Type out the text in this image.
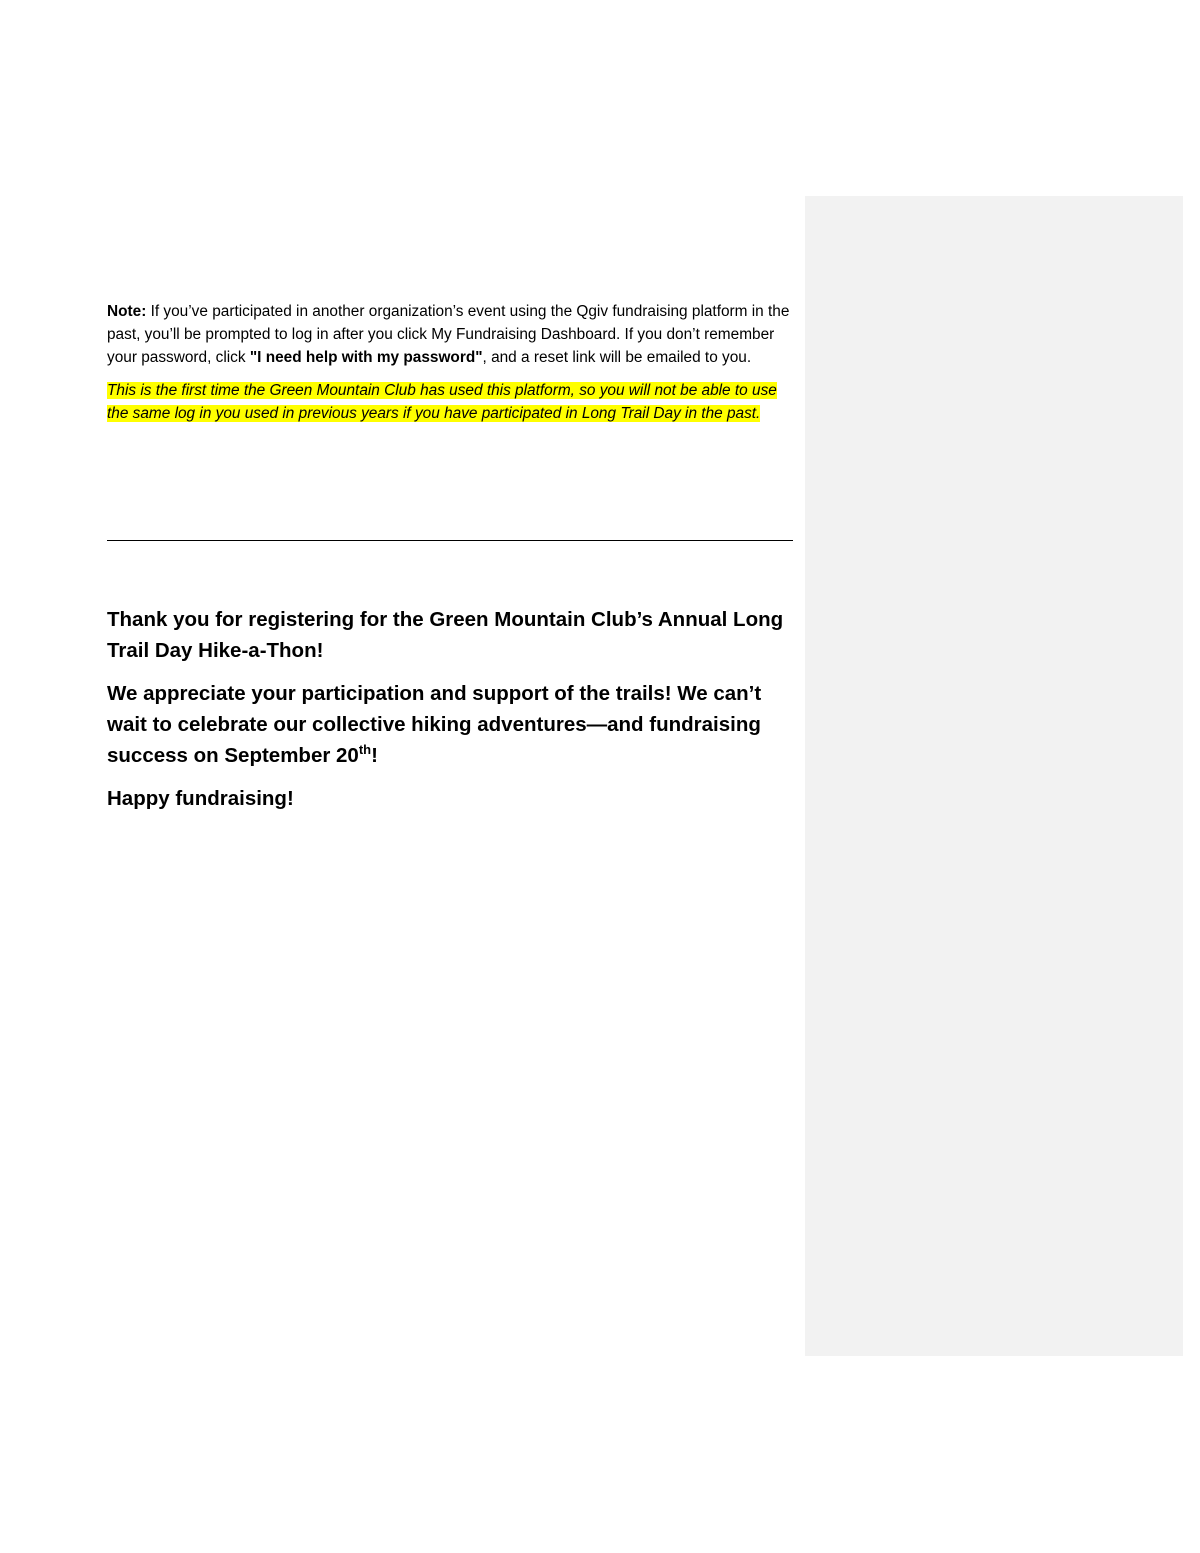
Note: If you’ve participated in another organization’s event using the Qgiv fundraising platform in the past, you’ll be prompted to log in after you click My Fundraising Dashboard. If you don’t remember your password, click "I need help with my password", and a reset link will be emailed to you.

This is the first time the Green Mountain Club has used this platform, so you will not be able to use the same log in you used in previous years if you have participated in Long Trail Day in the past.

Thank you for registering for the Green Mountain Club’s Annual Long Trail Day Hike-a-Thon!

We appreciate your participation and support of the trails! We can’t wait to celebrate our collective hiking adventures—and fundraising success on September 20th!

Happy fundraising!
